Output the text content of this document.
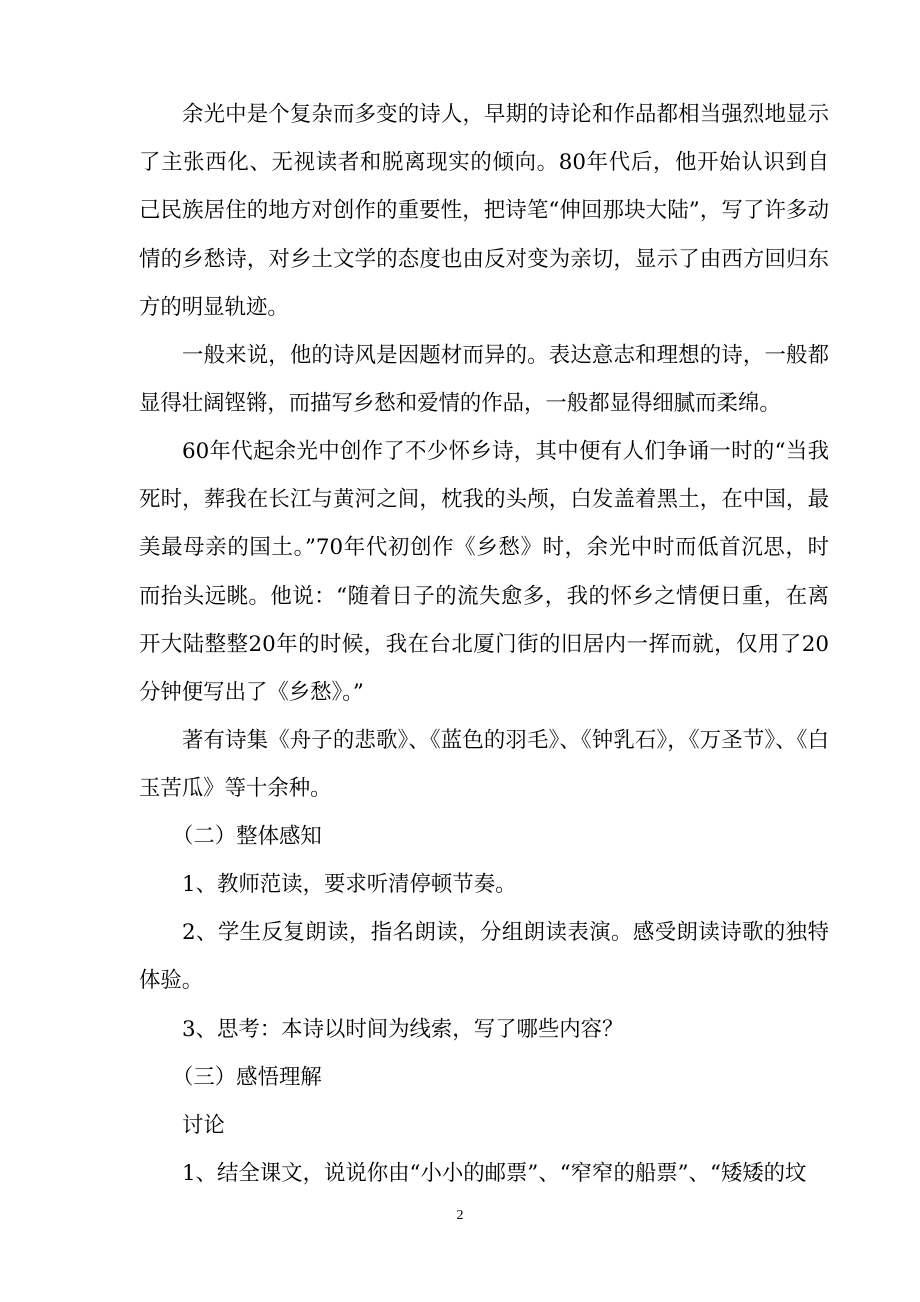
余光中是个复杂而多变的诗人，早期的诗论和作品都相当强烈地显示了主张西化、无视读者和脱离现实的倾向。80年代后，他开始认识到自己民族居住的地方对创作的重要性，把诗笔“伸回那块大陆”，写了许多动情的乡愁诗，对乡土文学的态度也由反对变为亲切，显示了由西方回归东方的明显轨迹。

一般来说，他的诗风是因题材而异的。表达意志和理想的诗，一般都显得壮阔铿锵，而描写乡愁和爱情的作品，一般都显得细腻而柔绵。

60年代起余光中创作了不少怀乡诗，其中便有人们争诵一时的“当我死时，葬我在长江与黄河之间，枕我的头颅，白发盖着黑土，在中国，最美最母亲的国土。”70年代初创作《乡愁》时，余光中时而低首沉思，时而抬头远眺。他说：“随着日子的流失愈多，我的怀乡之情便日重，在离开大陆整整20年的时候，我在台北厦门街的旧居内一挥而就，仅用了20分钟便写出了《乡愁》。”

著有诗集《舟子的悲歌》、《蓝色的羽毛》、《钟乳石》，《万圣节》、《白玉苦瓜》等十余种。

（二）整体感知

1、教师范读，要求听清停顿节奏。

2、学生反复朗读，指名朗读，分组朗读表演。感受朗读诗歌的独特体验。

3、思考：本诗以时间为线索，写了哪些内容？

（三）感悟理解

讨论

1、结全课文，说说你由“小小的邮票”、“窄窄的船票”、“矮矮的坟

2
